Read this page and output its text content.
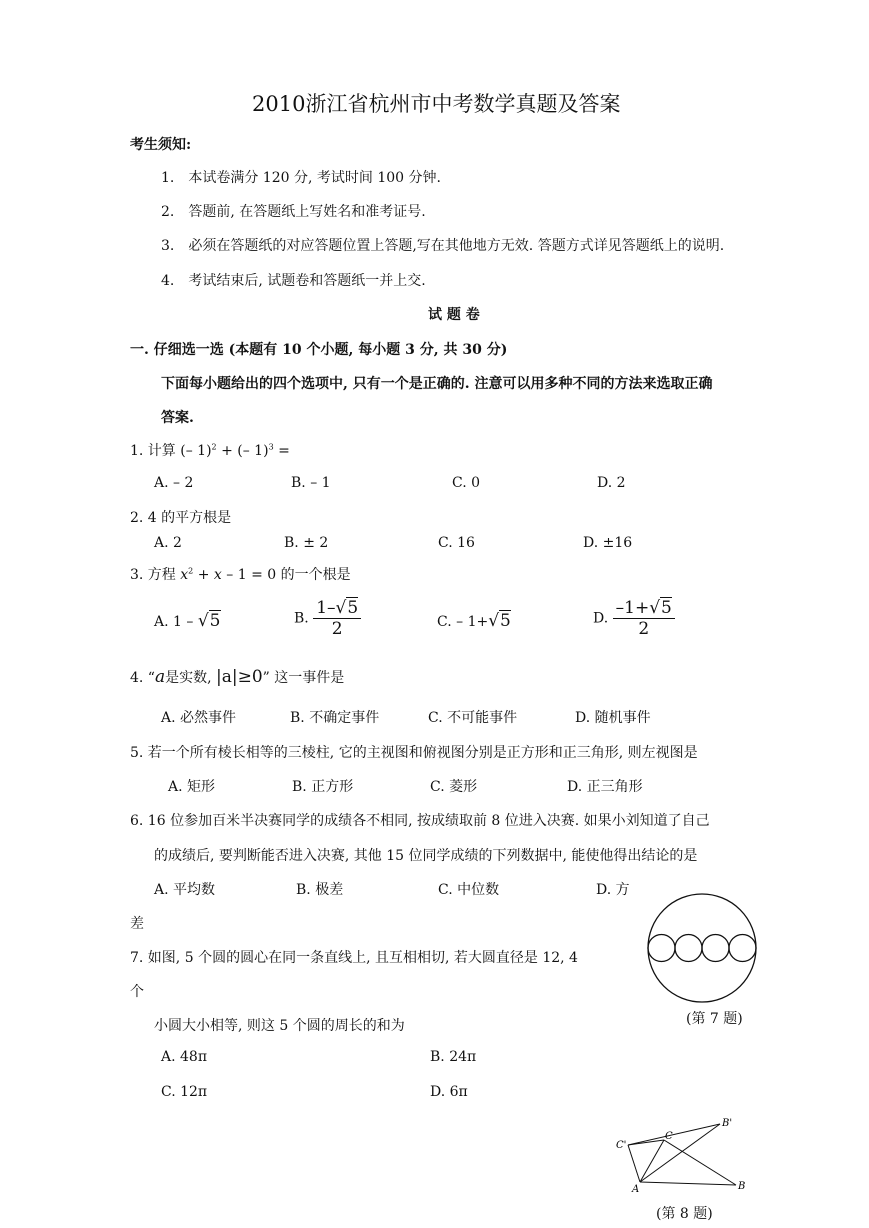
2010浙江省杭州市中考数学真题及答案
考生须知:
1.　本试卷满分 120 分, 考试时间 100 分钟.
2.　答题前, 在答题纸上写姓名和准考证号.
3.　必须在答题纸的对应答题位置上答题,写在其他地方无效. 答题方式详见答题纸上的说明.
4.　考试结束后, 试题卷和答题纸一并上交.
试 题 卷
一. 仔细选一选 (本题有 10 个小题, 每小题 3 分, 共 30 分)
下面每小题给出的四个选项中, 只有一个是正确的. 注意可以用多种不同的方法来选取正确
答案.
1. 计算 (– 1)$^2$ + (– 1)$^3$ =
A. – 2	B. – 1	C. 0	D. 2
2. 4 的平方根是
A. 2	B. ± 2	C. 16	D. ±16
3. 方程 $x^2 + x - 1 = 0$ 的一个根是
A. 1 – √5	B. $\frac{1-√5}{2}$	C. – 1+√5	D. $\frac{-1+√5}{2}$
4. “a是实数, |a|≥0” 这一事件是
A. 必然事件	B. 不确定事件	C. 不可能事件	D. 随机事件
5. 若一个所有棱长相等的三棱柱, 它的主视图和俯视图分别是正方形和正三角形, 则左视图是
A. 矩形	B. 正方形	C. 菱形	D. 正三角形
6. 16 位参加百米半决赛同学的成绩各不相同, 按成绩取前 8 位进入决赛. 如果小刘知道了自己
的成绩后, 要判断能否进入决赛, 其他 15 位同学成绩的下列数据中, 能使他得出结论的是
A. 平均数	B. 极差	C. 中位数	D. 方
差
7. 如图, 5 个圆的圆心在同一条直线上, 且互相相切, 若大圆直径是 12, 4
个
小圆大小相等, 则这 5 个圆的周长的和为
A. 48π	B. 24π
C. 12π	D. 6π
(第 7 题)
C'
C
B'
A	B
(第 8 题)
